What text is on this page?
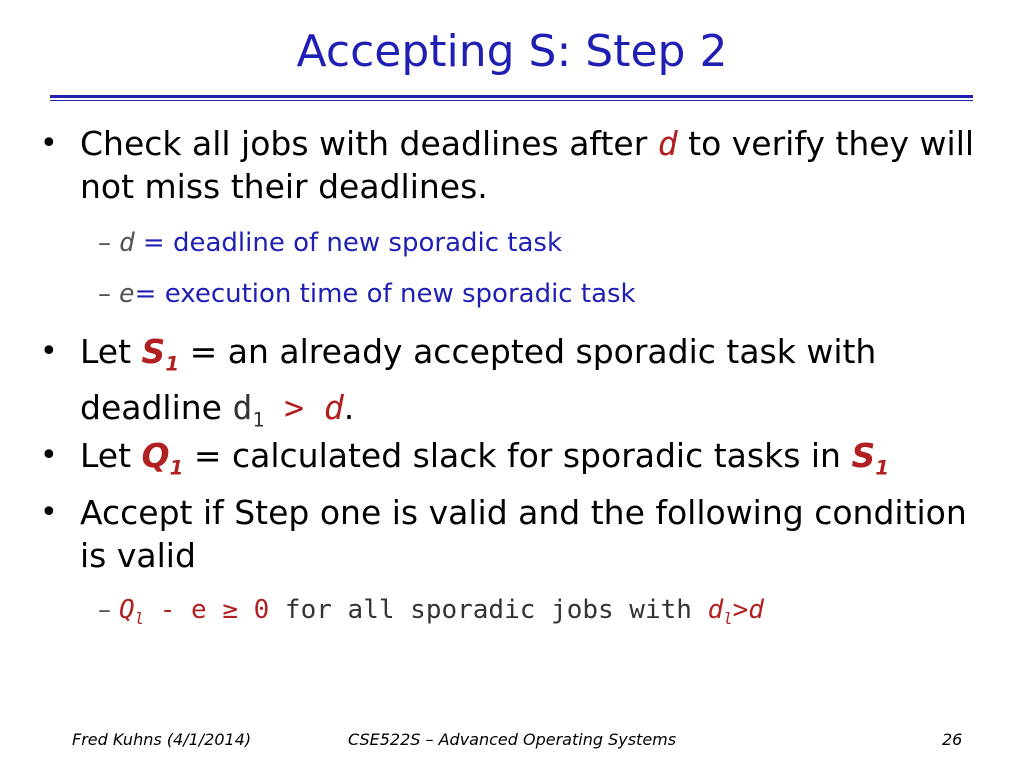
Accepting S: Step 2
• Check all jobs with deadlines after d to verify they will not miss their deadlines.
– d = deadline of new sporadic task
– e= execution time of new sporadic task
• Let $S_1$ = an already accepted sporadic task with deadline $d_1 > d$.
• Let $Q_1$ = calculated slack for sporadic tasks in $S_1$
• Accept if Step one is valid and the following condition is valid
– $Q_l - e \ge 0$ for all sporadic jobs with $d_l>d$
Fred Kuhns (4/1/2014)	CSE522S – Advanced Operating Systems	26
